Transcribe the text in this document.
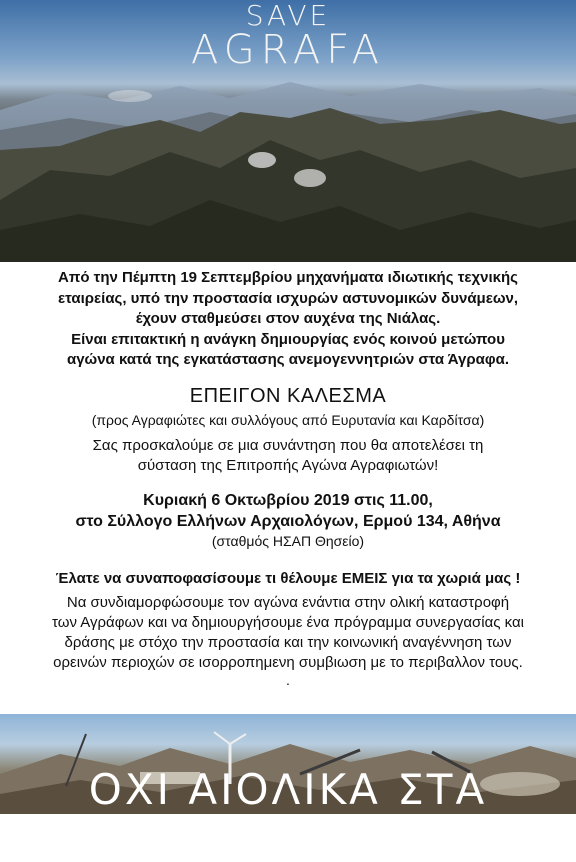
SAVE
AGRAFA
Από την Πέμπτη 19 Σεπτεμβρίου μηχανήματα ιδιωτικής τεχνικής
εταιρείας, υπό την προστασία ισχυρών αστυνομικών δυνάμεων,
έχουν σταθμεύσει στον αυχένα της Νιάλας.
Είναι επιτακτική η ανάγκη δημιουργίας ενός κοινού μετώπου
αγώνα κατά της εγκατάστασης ανεμογεννητριών στα Άγραφα.
ΕΠΕΙΓΟΝ ΚΑΛΕΣΜΑ
(προς Αγραφιώτες και συλλόγους από Ευρυτανία και Καρδίτσα)
Σας προσκαλούμε σε μια συνάντηση που θα αποτελέσει τη
σύσταση της Επιτροπής Αγώνα Αγραφιωτών!
Κυριακή 6 Οκτωβρίου 2019 στις 11.00,
στο Σύλλογο Ελλήνων Αρχαιολόγων, Ερμού 134, Αθήνα
(σταθμός ΗΣΑΠ Θησείο)
Έλατε να συναποφασίσουμε τι θέλουμε ΕΜΕΙΣ για τα χωριά μας !
Να συνδιαμορφώσουμε τον αγώνα ενάντια στην ολική καταστροφή
των Αγράφων και να δημιουργήσουμε ένα πρόγραμμα συνεργασίας και
δράσης με στόχο την προστασία και την κοινωνική αναγέννηση των
ορεινών περιοχών σε ισορροπημενη συμβιωση με το περιβαλλον τους.
.
ΟΧΙ ΑΙΟΛΙΚΑ ΣΤΑ ΑΓΡΑΦΑ
